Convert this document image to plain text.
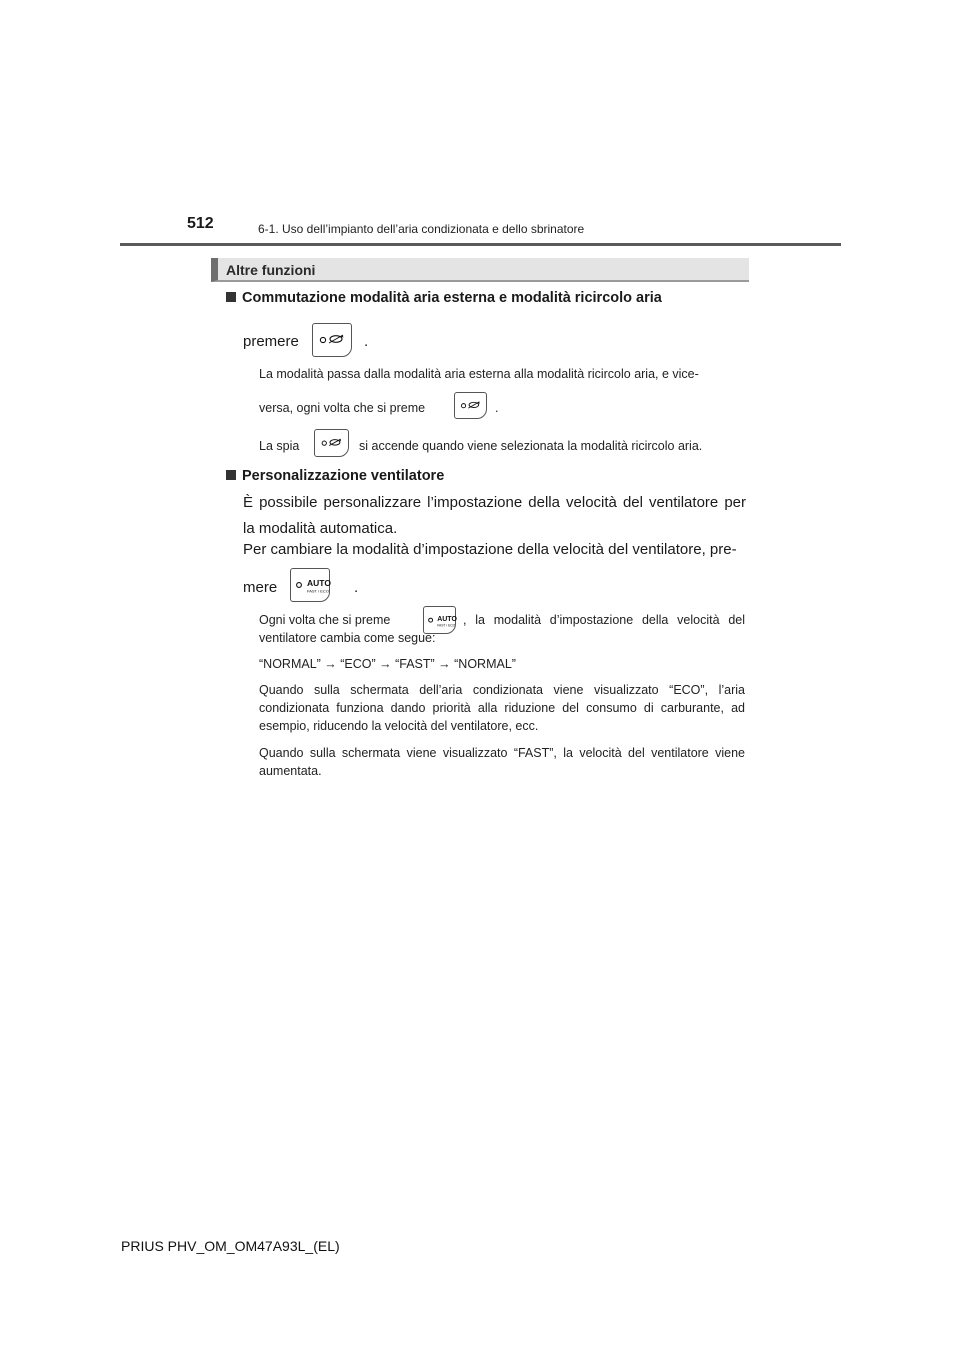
512	6-1. Uso dell’impianto dell’aria condizionata e dello sbrinatore
Altre funzioni
Commutazione modalità aria esterna e modalità ricircolo aria
premere	.
La modalità passa dalla modalità aria esterna alla modalità ricircolo aria, e vice-
versa, ogni volta che si preme	.
La spia	si accende quando viene selezionata la modalità ricircolo aria.
Personalizzazione ventilatore
È possibile personalizzare l’impostazione della velocità del ventilatore per la modalità automatica.
Per cambiare la modalità d’impostazione della velocità del ventilatore, pre-
mere	AUTO
FAST / ECO .
Ogni volta che si preme	AUTO
FAST / ECO , la modalità d’impostazione della velocità del
ventilatore cambia come segue:
“NORMAL” → “ECO” → “FAST” → “NORMAL”
Quando sulla schermata dell’aria condizionata viene visualizzato “ECO”, l’aria condizionata funziona dando priorità alla riduzione del consumo di carburante, ad esempio, riducendo la velocità del ventilatore, ecc.
Quando sulla schermata viene visualizzato “FAST”, la velocità del ventilatore viene aumentata.
PRIUS PHV_OM_OM47A93L_(EL)
